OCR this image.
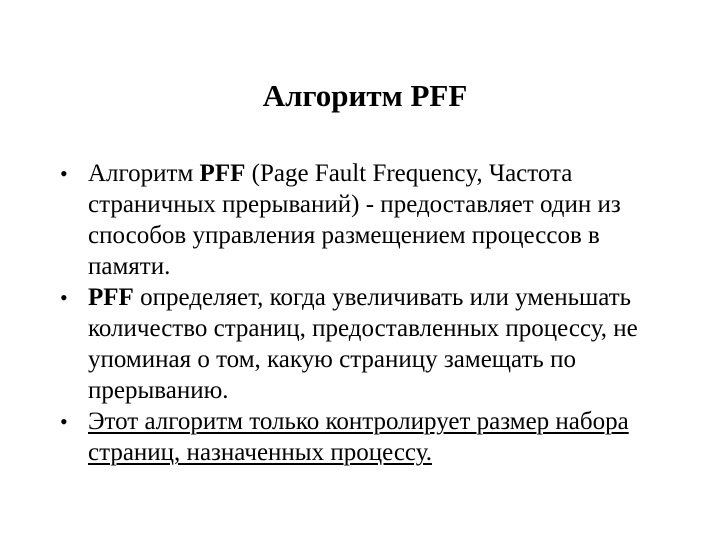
Алгоритм PFF
• Алгоритм PFF (Page Fault Frequency, Частота страничных прерываний) - предоставляет один из способов управления размещением процессов в памяти.
• PFF определяет, когда увеличивать или уменьшать количество страниц, предоставленных процессу, не упоминая о том, какую страницу замещать по прерыванию.
• Этот алгоритм только контролирует размер набора страниц, назначенных процессу.
